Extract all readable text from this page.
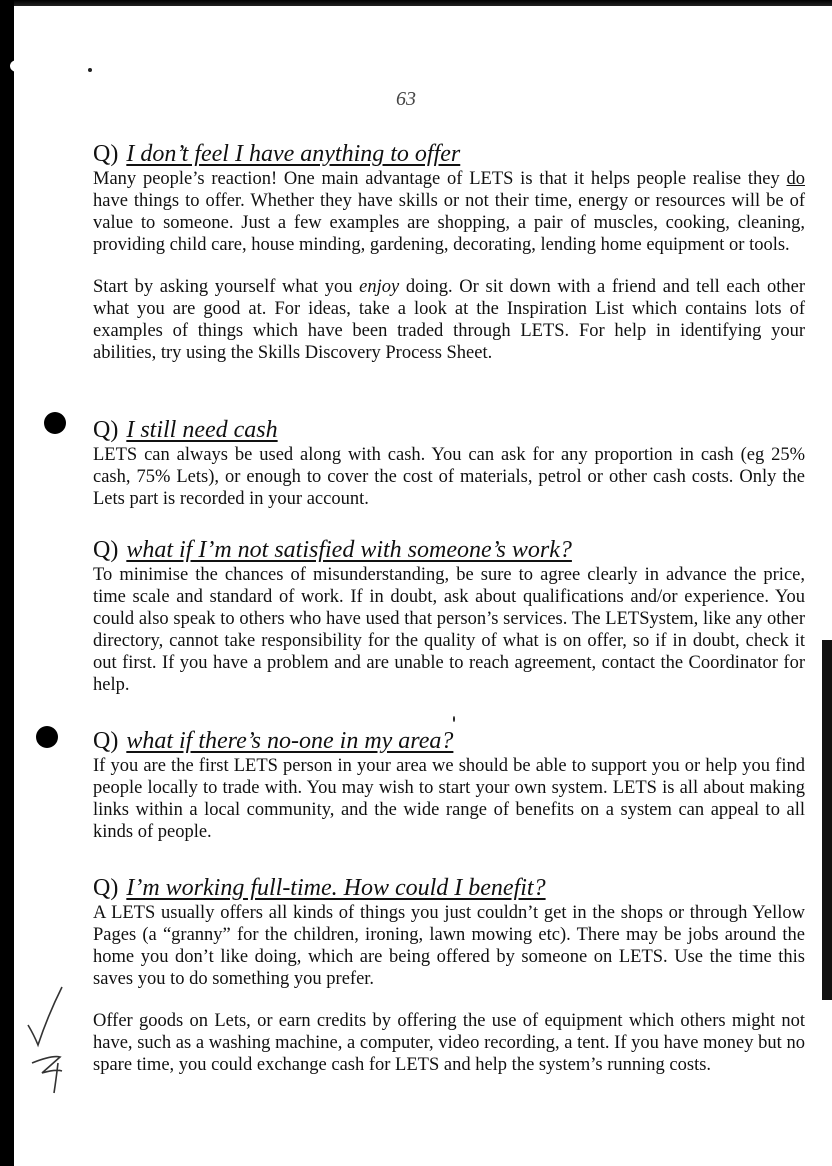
63
Q) I don’t feel I have anything to offer

Many people’s reaction! One main advantage of LETS is that it helps people realise they do have things to offer. Whether they have skills or not their time, energy or resources will be of value to someone. Just a few examples are shopping, a pair of muscles, cooking, cleaning, providing child care, house minding, gardening, decorating, lending home equipment or tools.

Start by asking yourself what you enjoy doing. Or sit down with a friend and tell each other what you are good at. For ideas, take a look at the Inspiration List which contains lots of examples of things which have been traded through LETS. For help in identifying your abilities, try using the Skills Discovery Process Sheet.

Q) I still need cash

LETS can always be used along with cash. You can ask for any proportion in cash (eg 25% cash, 75% Lets), or enough to cover the cost of materials, petrol or other cash costs. Only the Lets part is recorded in your account.

Q) what if I’m not satisfied with someone’s work?

To minimise the chances of misunderstanding, be sure to agree clearly in advance the price, time scale and standard of work. If in doubt, ask about qualifications and/or experience. You could also speak to others who have used that person’s services. The LETSystem, like any other directory, cannot take responsibility for the quality of what is on offer, so if in doubt, check it out first. If you have a problem and are unable to reach agreement, contact the Coordinator for help.

Q) what if there’s no-one in my area?

If you are the first LETS person in your area we should be able to support you or help you find people locally to trade with. You may wish to start your own system. LETS is all about making links within a local community, and the wide range of benefits on a system can appeal to all kinds of people.

Q) I’m working full-time. How could I benefit?

A LETS usually offers all kinds of things you just couldn’t get in the shops or through Yellow Pages (a “granny” for the children, ironing, lawn mowing etc). There may be jobs around the home you don’t like doing, which are being offered by someone on LETS. Use the time this saves you to do something you prefer.

Offer goods on Lets, or earn credits by offering the use of equipment which others might not have, such as a washing machine, a computer, video recording, a tent. If you have money but no spare time, you could exchange cash for LETS and help the system’s running costs.
